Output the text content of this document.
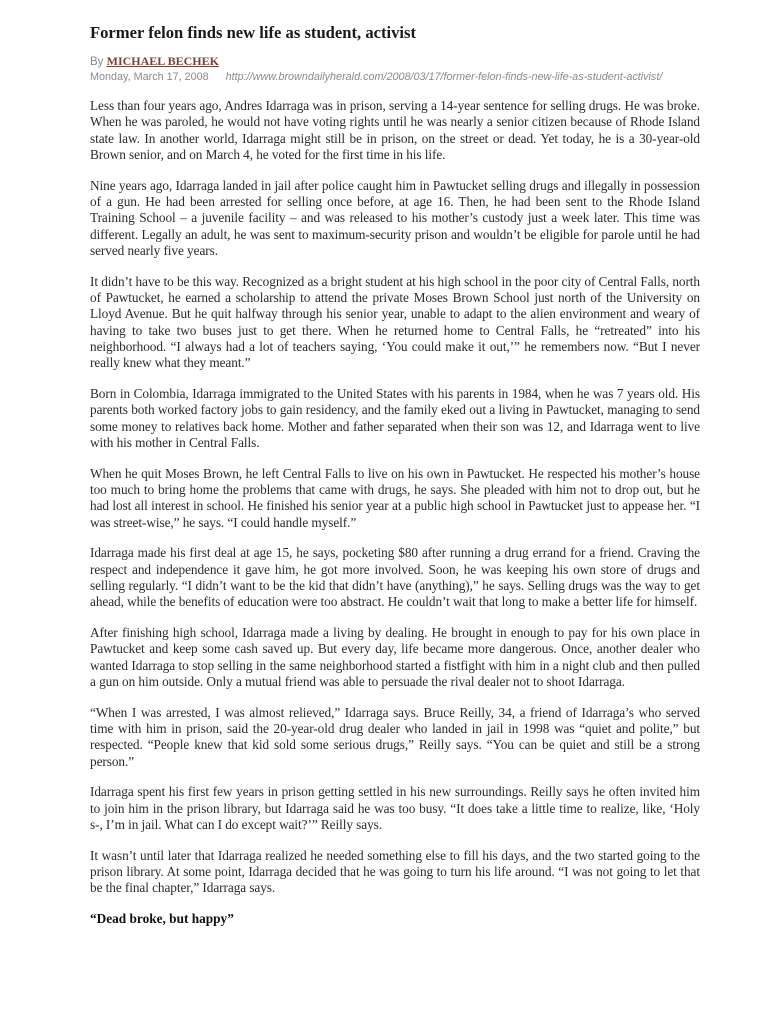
Former felon finds new life as student, activist
By MICHAEL BECHEK
Monday, March 17, 2008 http://www.browndailyherald.com/2008/03/17/former-felon-finds-new-life-as-student-activist/

Less than four years ago, Andres Idarraga was in prison, serving a 14-year sentence for selling drugs. He was broke. When he was paroled, he would not have voting rights until he was nearly a senior citizen because of Rhode Island state law. In another world, Idarraga might still be in prison, on the street or dead. Yet today, he is a 30-year-old Brown senior, and on March 4, he voted for the first time in his life.

Nine years ago, Idarraga landed in jail after police caught him in Pawtucket selling drugs and illegally in possession of a gun. He had been arrested for selling once before, at age 16. Then, he had been sent to the Rhode Island Training School – a juvenile facility – and was released to his mother’s custody just a week later. This time was different. Legally an adult, he was sent to maximum-security prison and wouldn’t be eligible for parole until he had served nearly five years.

It didn’t have to be this way. Recognized as a bright student at his high school in the poor city of Central Falls, north of Pawtucket, he earned a scholarship to attend the private Moses Brown School just north of the University on Lloyd Avenue. But he quit halfway through his senior year, unable to adapt to the alien environment and weary of having to take two buses just to get there. When he returned home to Central Falls, he “retreated” into his neighborhood. “I always had a lot of teachers saying, ‘You could make it out,’” he remembers now. “But I never really knew what they meant.”

Born in Colombia, Idarraga immigrated to the United States with his parents in 1984, when he was 7 years old. His parents both worked factory jobs to gain residency, and the family eked out a living in Pawtucket, managing to send some money to relatives back home. Mother and father separated when their son was 12, and Idarraga went to live with his mother in Central Falls.

When he quit Moses Brown, he left Central Falls to live on his own in Pawtucket. He respected his mother’s house too much to bring home the problems that came with drugs, he says. She pleaded with him not to drop out, but he had lost all interest in school. He finished his senior year at a public high school in Pawtucket just to appease her. “I was street-wise,” he says. “I could handle myself.”

Idarraga made his first deal at age 15, he says, pocketing $80 after running a drug errand for a friend. Craving the respect and independence it gave him, he got more involved. Soon, he was keeping his own store of drugs and selling regularly. “I didn’t want to be the kid that didn’t have (anything),” he says. Selling drugs was the way to get ahead, while the benefits of education were too abstract. He couldn’t wait that long to make a better life for himself.

After finishing high school, Idarraga made a living by dealing. He brought in enough to pay for his own place in Pawtucket and keep some cash saved up. But every day, life became more dangerous. Once, another dealer who wanted Idarraga to stop selling in the same neighborhood started a fistfight with him in a night club and then pulled a gun on him outside. Only a mutual friend was able to persuade the rival dealer not to shoot Idarraga.

“When I was arrested, I was almost relieved,” Idarraga says. Bruce Reilly, 34, a friend of Idarraga’s who served time with him in prison, said the 20-year-old drug dealer who landed in jail in 1998 was “quiet and polite,” but respected. “People knew that kid sold some serious drugs,” Reilly says. “You can be quiet and still be a strong person.”

Idarraga spent his first few years in prison getting settled in his new surroundings. Reilly says he often invited him to join him in the prison library, but Idarraga said he was too busy. “It does take a little time to realize, like, ‘Holy s-, I’m in jail. What can I do except wait?’” Reilly says.

It wasn’t until later that Idarraga realized he needed something else to fill his days, and the two started going to the prison library. At some point, Idarraga decided that he was going to turn his life around. “I was not going to let that be the final chapter,” Idarraga says.

“Dead broke, but happy”
